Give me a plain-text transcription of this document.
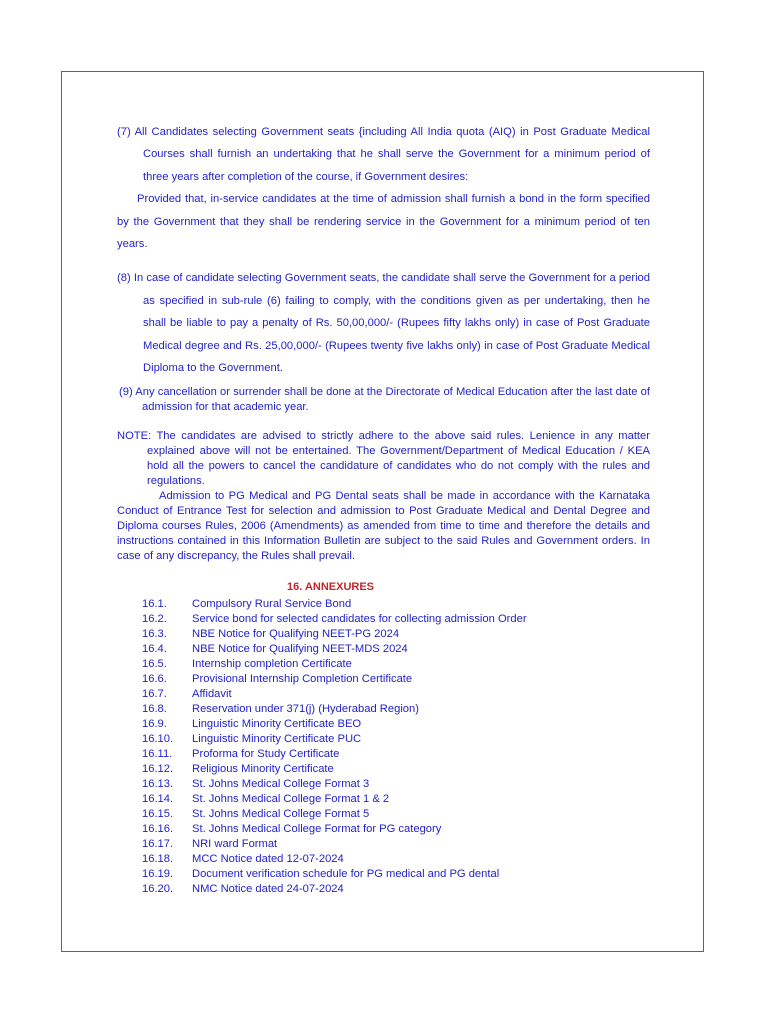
(7) All Candidates selecting Government seats {including All India quota (AIQ) in Post Graduate Medical Courses shall furnish an undertaking that he shall serve the Government for a minimum period of three years after completion of the course, if Government desires:

Provided that, in-service candidates at the time of admission shall furnish a bond in the form specified by the Government that they shall be rendering service in the Government for a minimum period of ten years.

(8) In case of candidate selecting Government seats, the candidate shall serve the Government for a period as specified in sub-rule (6) failing to comply, with the conditions given as per undertaking, then he shall be liable to pay a penalty of Rs. 50,00,000/- (Rupees fifty lakhs only) in case of Post Graduate Medical degree and Rs. 25,00,000/- (Rupees twenty five lakhs only) in case of Post Graduate Medical Diploma to the Government.

(9) Any cancellation or surrender shall be done at the Directorate of Medical Education after the last date of admission for that academic year.

NOTE: The candidates are advised to strictly adhere to the above said rules. Lenience in any matter explained above will not be entertained. The Government/Department of Medical Education / KEA hold all the powers to cancel the candidature of candidates who do not comply with the rules and regulations.

Admission to PG Medical and PG Dental seats shall be made in accordance with the Karnataka Conduct of Entrance Test for selection and admission to Post Graduate Medical and Dental Degree and Diploma courses Rules, 2006 (Amendments) as amended from time to time and therefore the details and instructions contained in this Information Bulletin are subject to the said Rules and Government orders. In case of any discrepancy, the Rules shall prevail.

16. ANNEXURES
16.1.	Compulsory Rural Service Bond
16.2.	Service bond for selected candidates for collecting admission Order
16.3.	NBE Notice for Qualifying NEET-PG 2024
16.4.	NBE Notice for Qualifying NEET-MDS 2024
16.5.	Internship completion Certificate
16.6.	Provisional Internship Completion Certificate
16.7.	Affidavit
16.8.	Reservation under 371(j) (Hyderabad Region)
16.9.	Linguistic Minority Certificate BEO
16.10.	Linguistic Minority Certificate PUC
16.11.	Proforma for Study Certificate
16.12.	Religious Minority Certificate
16.13.	St. Johns Medical College Format 3
16.14.	St. Johns Medical College Format 1 & 2
16.15.	St. Johns Medical College Format 5
16.16.	St. Johns Medical College Format for PG category
16.17.	NRI ward Format
16.18.	MCC Notice dated 12-07-2024
16.19.	Document verification schedule for PG medical and PG dental
16.20.	NMC Notice dated 24-07-2024
